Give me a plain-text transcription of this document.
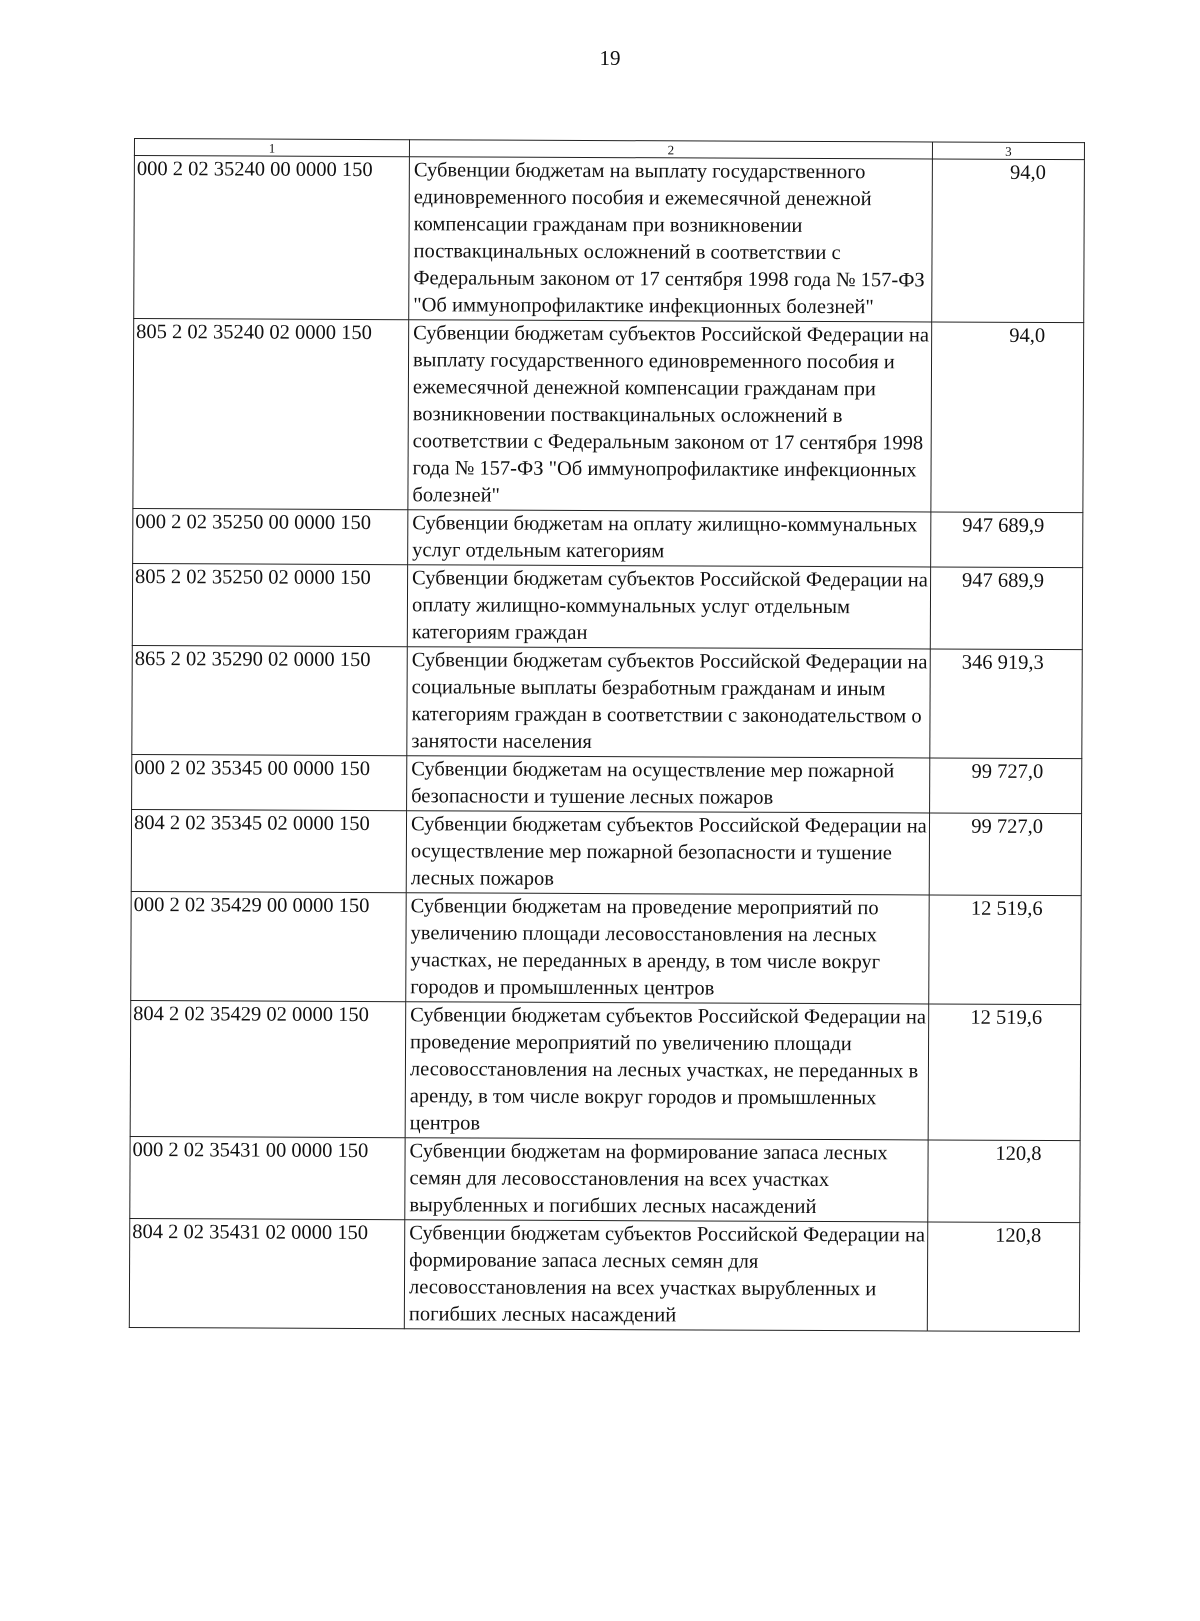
19
1	2	3
000 2 02 35240 00 0000 150	Субвенции бюджетам на выплату государственного единовременного пособия и ежемесячной денежной компенсации гражданам при возникновении поствакцинальных осложнений в соответствии с Федеральным законом от 17 сентября 1998 года № 157-ФЗ "Об иммунопрофилактике инфекционных болезней"	94,0
805 2 02 35240 02 0000 150	Субвенции бюджетам субъектов Российской Федерации на выплату государственного единовременного пособия и ежемесячной денежной компенсации гражданам при возникновении поствакцинальных осложнений в соответствии с Федеральным законом от 17 сентября 1998 года № 157-ФЗ "Об иммунопрофилактике инфекционных болезней"	94,0
000 2 02 35250 00 0000 150	Субвенции бюджетам на оплату жилищно-коммунальных услуг отдельным категориям	947 689,9
805 2 02 35250 02 0000 150	Субвенции бюджетам субъектов Российской Федерации на оплату жилищно-коммунальных услуг отдельным категориям граждан	947 689,9
865 2 02 35290 02 0000 150	Субвенции бюджетам субъектов Российской Федерации на социальные выплаты безработным гражданам и иным категориям граждан в соответствии с законодательством о занятости населения	346 919,3
000 2 02 35345 00 0000 150	Субвенции бюджетам на осуществление мер пожарной безопасности и тушение лесных пожаров	99 727,0
804 2 02 35345 02 0000 150	Субвенции бюджетам субъектов Российской Федерации на осуществление мер пожарной безопасности и тушение лесных пожаров	99 727,0
000 2 02 35429 00 0000 150	Субвенции бюджетам на проведение мероприятий по увеличению площади лесовосстановления на лесных участках, не переданных в аренду, в том числе вокруг городов и промышленных центров	12 519,6
804 2 02 35429 02 0000 150	Субвенции бюджетам субъектов Российской Федерации на проведение мероприятий по увеличению площади лесовосстановления на лесных участках, не переданных в аренду, в том числе вокруг городов и промышленных центров	12 519,6
000 2 02 35431 00 0000 150	Субвенции бюджетам на формирование запаса лесных семян для лесовосстановления на всех участках вырубленных и погибших лесных насаждений	120,8
804 2 02 35431 02 0000 150	Субвенции бюджетам субъектов Российской Федерации на формирование запаса лесных семян для лесовосстановления на всех участках вырубленных и погибших лесных насаждений	120,8
